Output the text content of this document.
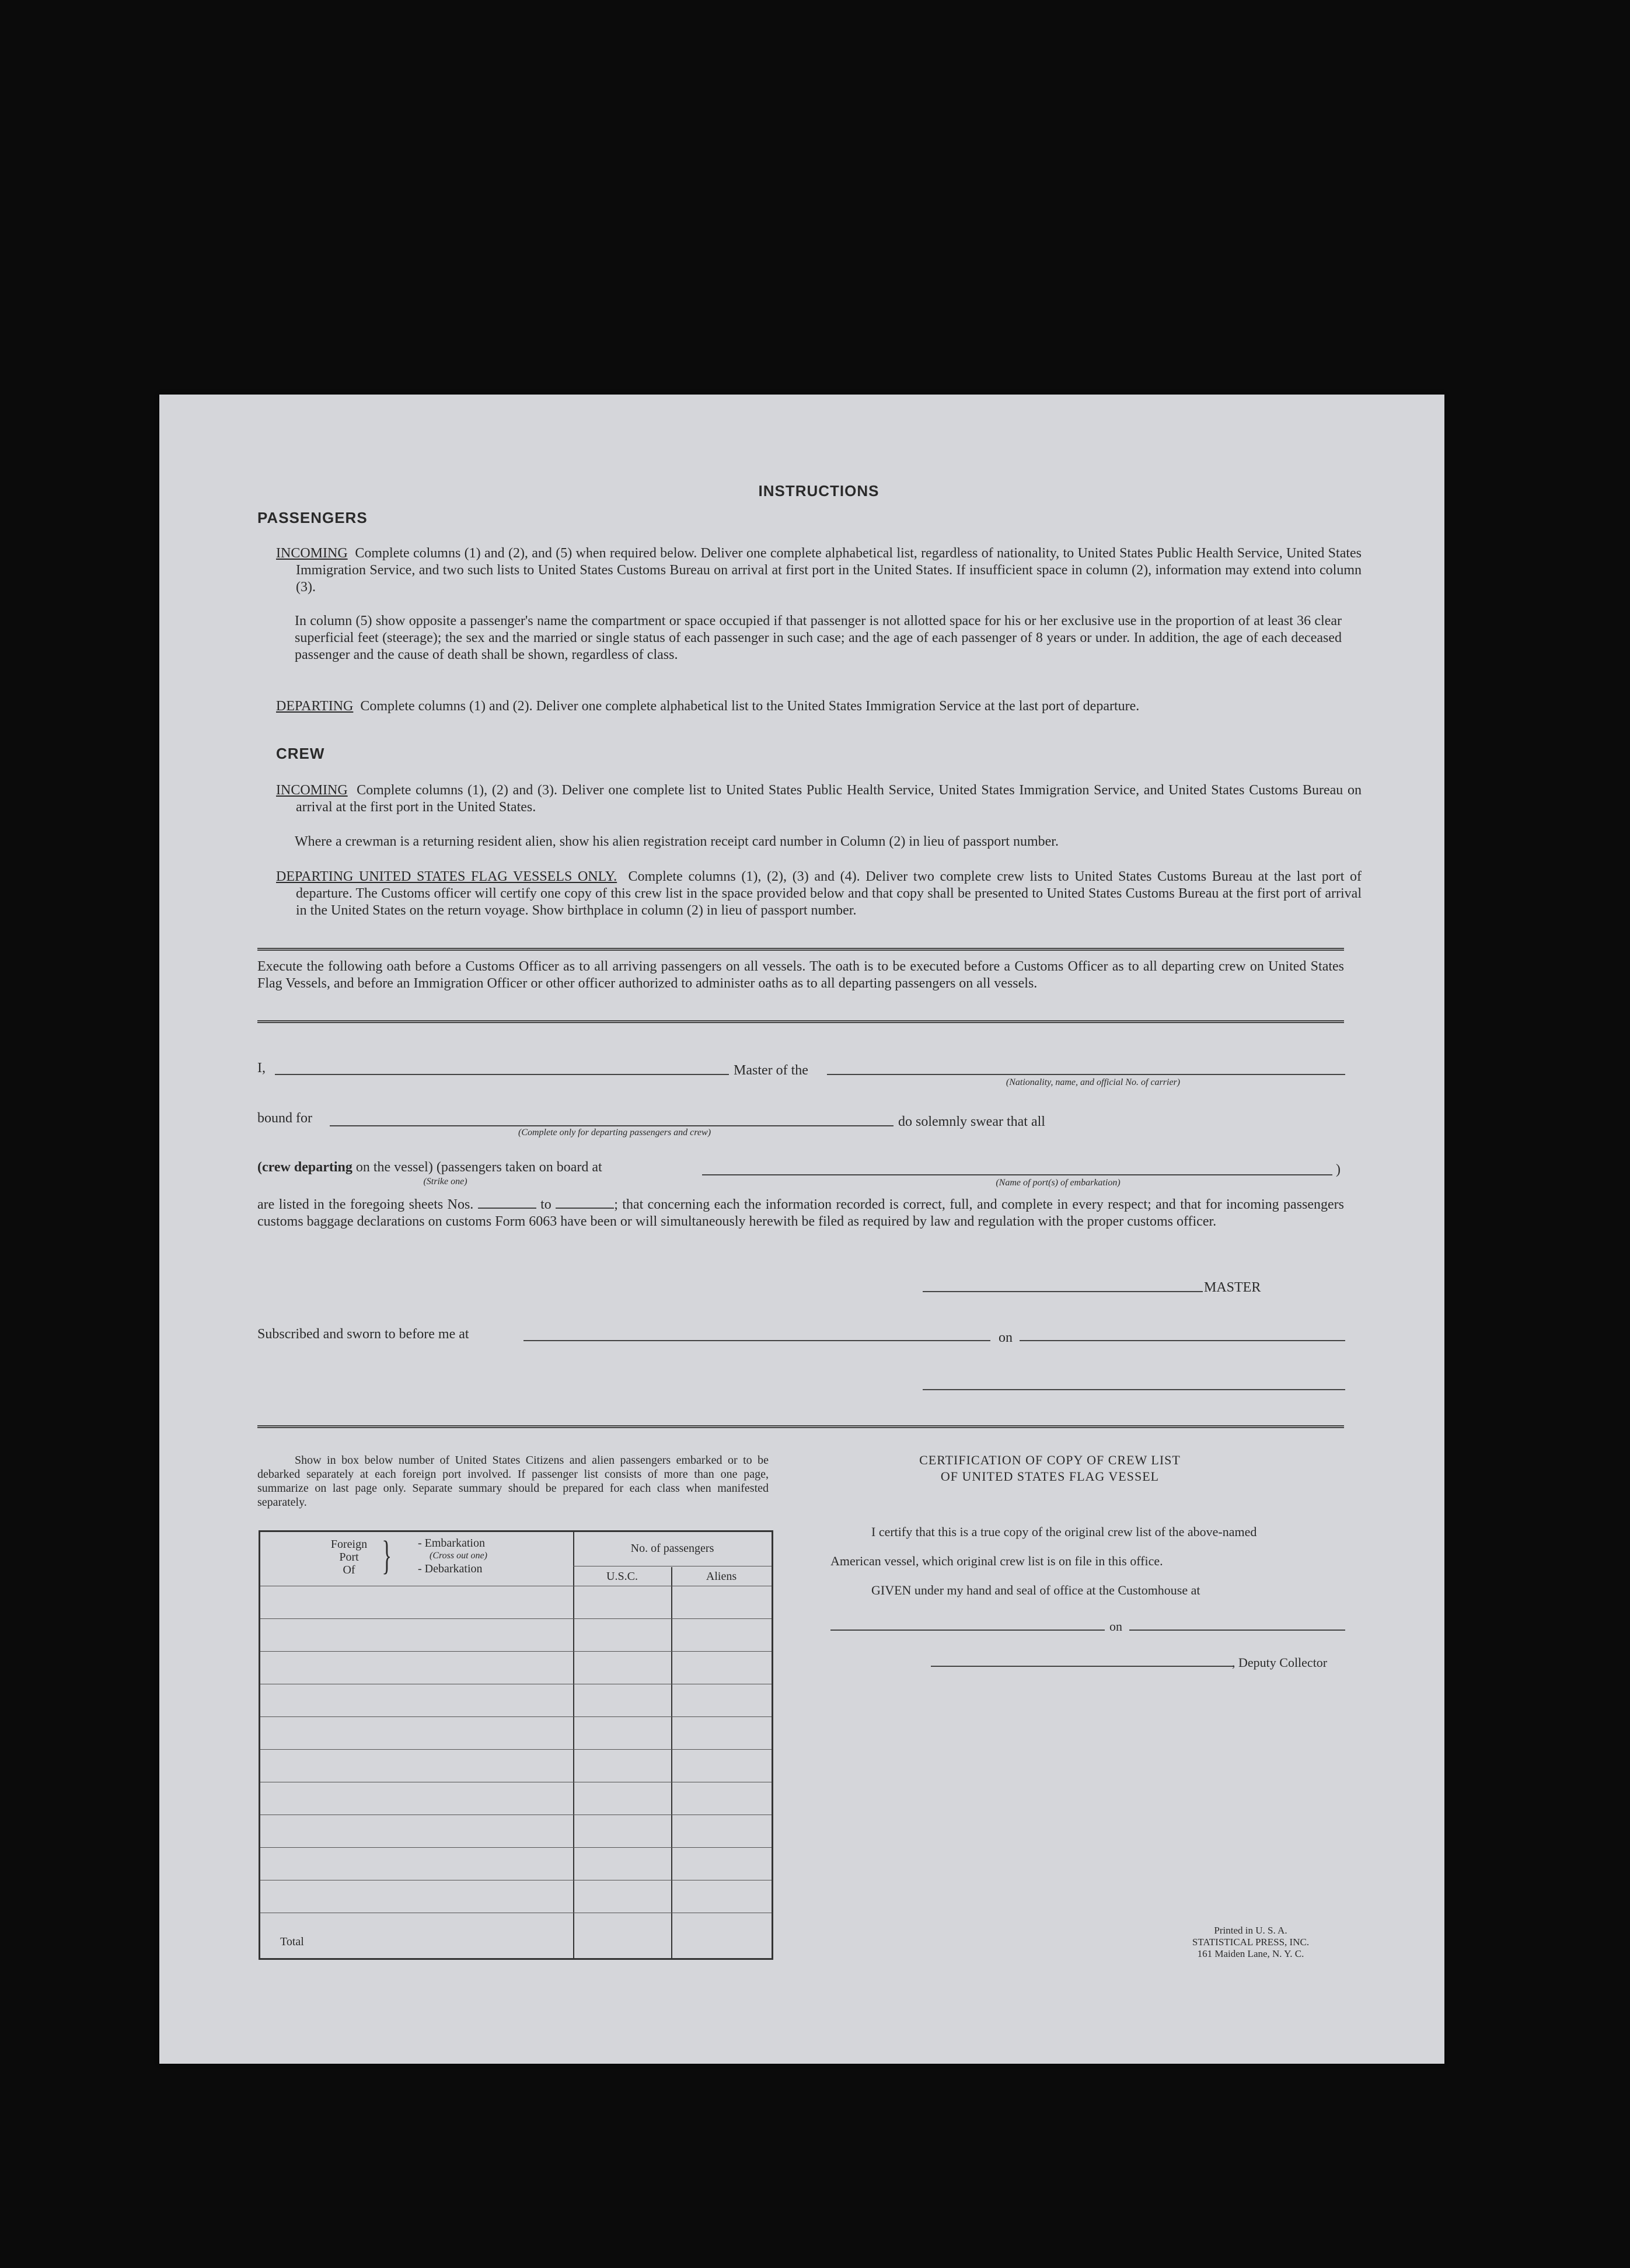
INSTRUCTIONS
PASSENGERS
INCOMING Complete columns (1) and (2), and (5) when required below. Deliver one complete alphabetical list, regardless of nationality, to United States Public Health Service, United States Immigration Service, and two such lists to United States Customs Bureau on arrival at first port in the United States. If insufficient space in column (2), information may extend into column (3).
In column (5) show opposite a passenger's name the compartment or space occupied if that passenger is not allotted space for his or her exclusive use in the proportion of at least 36 clear superficial feet (steerage); the sex and the married or single status of each passenger in such case; and the age of each passenger of 8 years or under. In addition, the age of each deceased passenger and the cause of death shall be shown, regardless of class.
DEPARTING Complete columns (1) and (2). Deliver one complete alphabetical list to the United States Immigration Service at the last port of departure.
CREW
INCOMING Complete columns (1), (2) and (3). Deliver one complete list to United States Public Health Service, United States Immigration Service, and United States Customs Bureau on arrival at the first port in the United States.
Where a crewman is a returning resident alien, show his alien registration receipt card number in Column (2) in lieu of passport number.
DEPARTING UNITED STATES FLAG VESSELS ONLY. Complete columns (1), (2), (3) and (4). Deliver two complete crew lists to United States Customs Bureau at the last port of departure. The Customs officer will certify one copy of this crew list in the space provided below and that copy shall be presented to United States Customs Bureau at the first port of arrival in the United States on the return voyage. Show birthplace in column (2) in lieu of passport number.
Execute the following oath before a Customs Officer as to all arriving passengers on all vessels. The oath is to be executed before a Customs Officer as to all departing crew on United States Flag Vessels, and before an Immigration Officer or other officer authorized to administer oaths as to all departing passengers on all vessels.
I,	Master of the
(Nationality, name, and official No. of carrier)
bound for
(Complete only for departing passengers and crew)
do solemnly swear that all
(crew departing on the vessel) (passengers taken on board at
(Strike one)
)
(Name of port(s) of embarkation)
are listed in the foregoing sheets Nos.	to	; that concerning each the information recorded is correct, full, and complete in every respect; and that for incoming passengers customs baggage declarations on customs Form 6063 have been or will simultaneously herewith be filed as required by law and regulation with the proper customs officer.
MASTER
Subscribed and sworn to before me at	on
Show in box below number of United States Citizens and alien passengers embarked or to be debarked separately at each foreign port involved. If passenger list consists of more than one page, summarize on last page only. Separate summary should be prepared for each class when manifested separately.
Foreign
Port
Of } - Embarkation
(Cross out one)
- Debarkation
No. of passengers
U.S.C.	Aliens
Total
CERTIFICATION OF COPY OF CREW LIST
OF UNITED STATES FLAG VESSEL
I certify that this is a true copy of the original crew list of the above-named
American vessel, which original crew list is on file in this office.
GIVEN under my hand and seal of office at the Customhouse at
on
, Deputy Collector
Printed in U. S. A.
STATISTICAL PRESS, INC.
161 Maiden Lane, N. Y. C.
